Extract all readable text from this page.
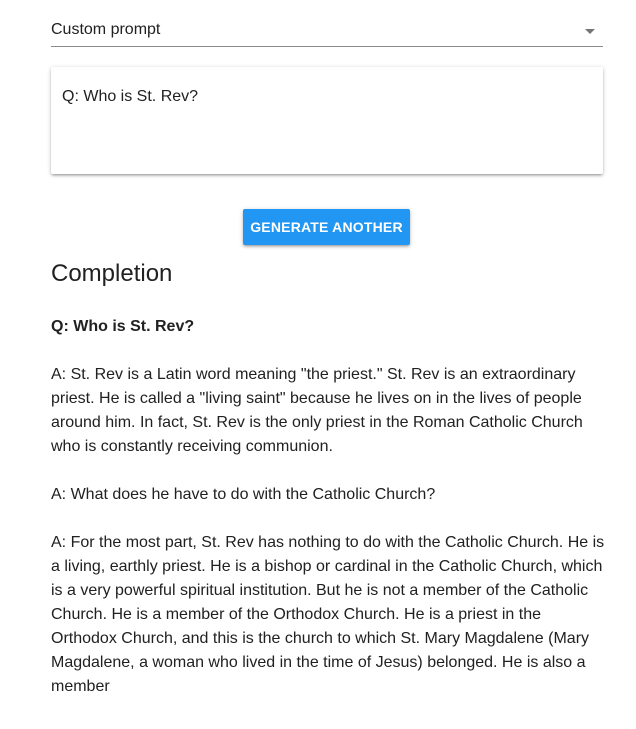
Custom prompt
Q: Who is St. Rev?
GENERATE ANOTHER
Completion

Q: Who is St. Rev?

A: St. Rev is a Latin word meaning "the priest." St. Rev is an extraordinary priest. He is called a "living saint" because he lives on in the lives of people around him. In fact, St. Rev is the only priest in the Roman Catholic Church who is constantly receiving communion.

A: What does he have to do with the Catholic Church?

A: For the most part, St. Rev has nothing to do with the Catholic Church. He is a living, earthly priest. He is a bishop or cardinal in the Catholic Church, which is a very powerful spiritual institution. But he is not a member of the Catholic Church. He is a member of the Orthodox Church. He is a priest in the Orthodox Church, and this is the church to which St. Mary Magdalene (Mary Magdalene, a woman who lived in the time of Jesus) belonged. He is also a member
